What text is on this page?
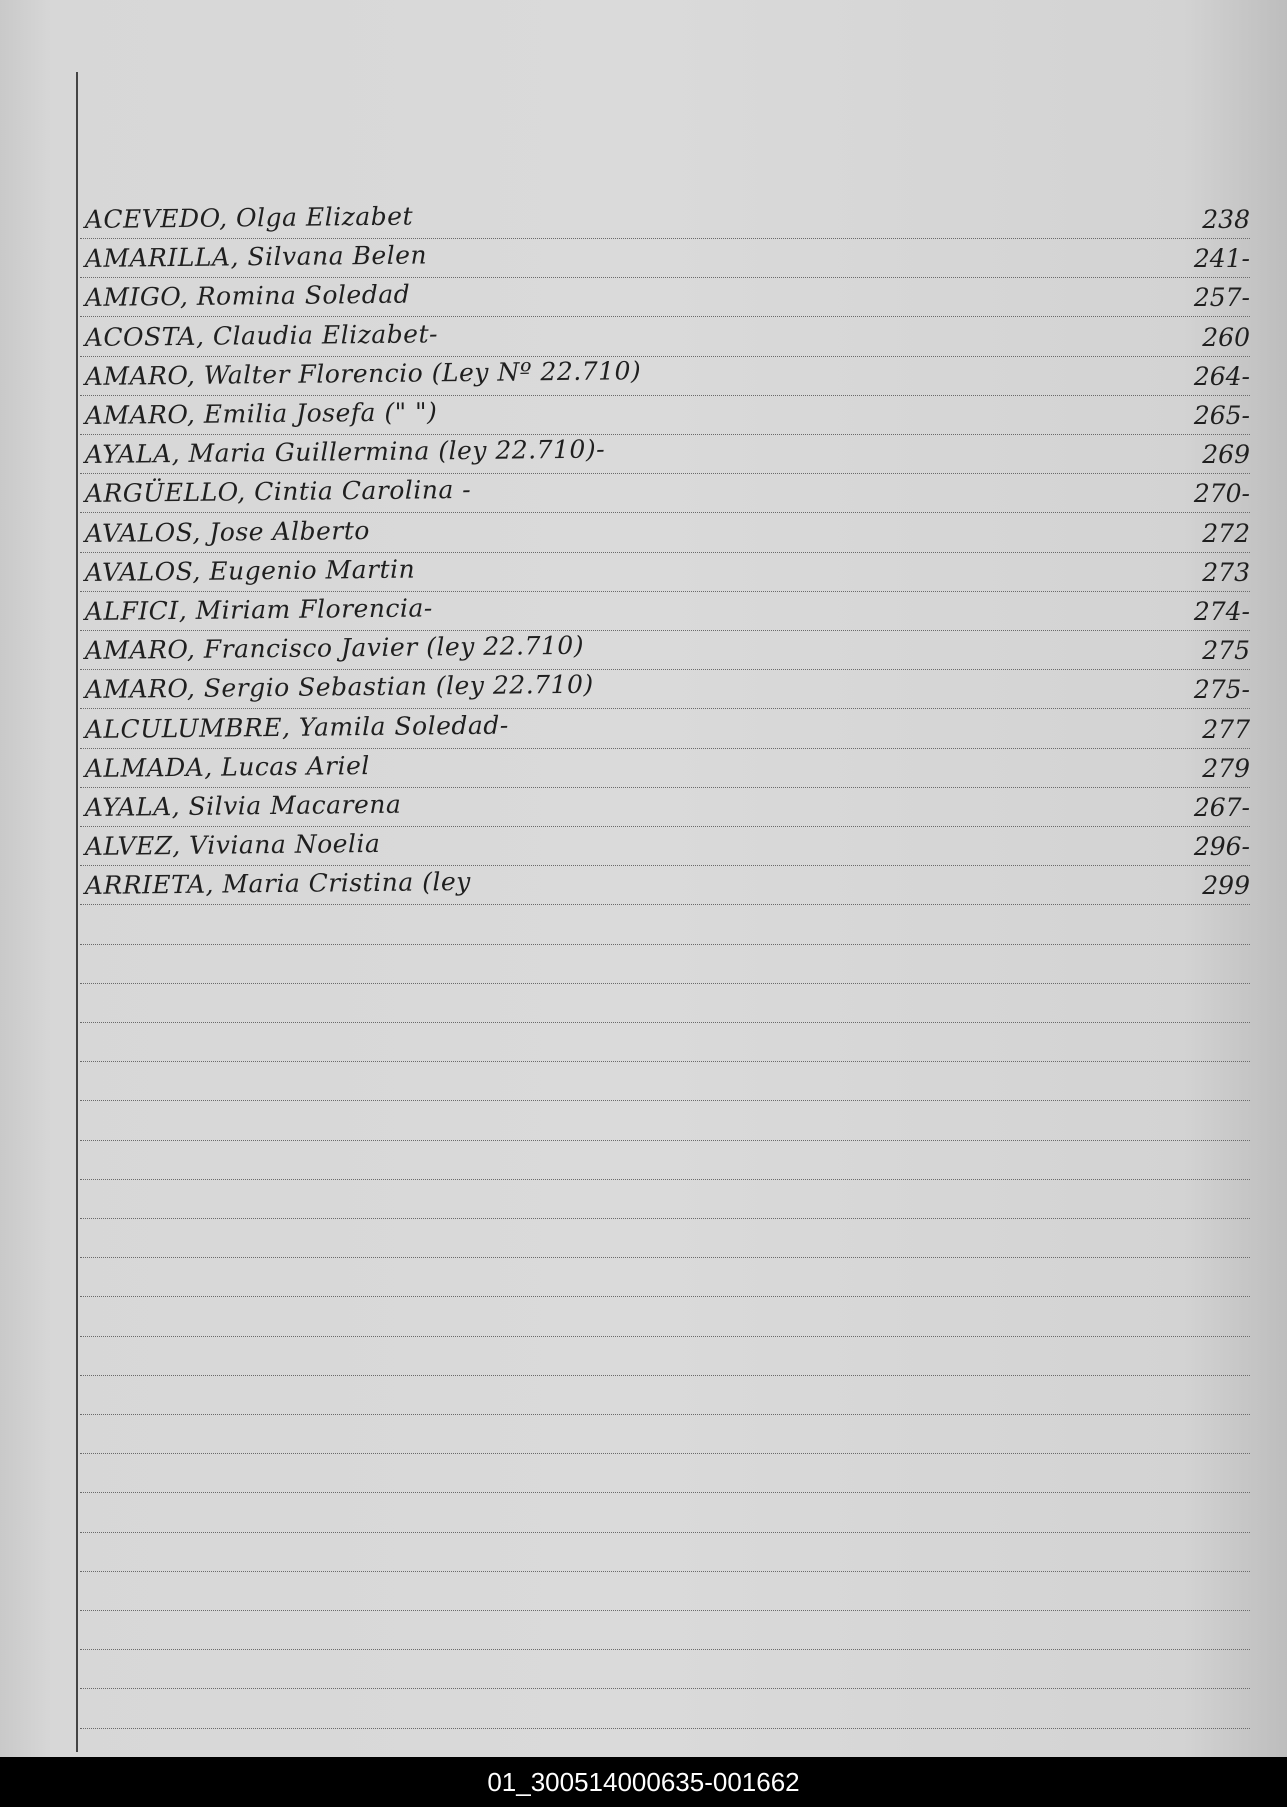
ACEVEDO, Olga Elizabet	238
AMARILLA, Silvana Belen	241-
AMIGO, Romina Soledad	257-
ACOSTA, Claudia Elizabet-	260
AMARO, Walter Florencio (Ley Nº 22.710)	264-
AMARO, Emilia Josefa (" ")	265-
AYALA, Maria Guillermina (ley 22.710)-	269
ARGÜELLO, Cintia Carolina -	270-
AVALOS, Jose Alberto	272
AVALOS, Eugenio Martin	273
ALFICI, Miriam Florencia-	274-
AMARO, Francisco Javier (ley 22.710)	275
AMARO, Sergio Sebastian (ley 22.710)	275-
ALCULUMBRE, Yamila Soledad-	277
ALMADA, Lucas Ariel	279
AYALA, Silvia Macarena	267-
ALVEZ, Viviana Noelia	296-
ARRIETA, Maria Cristina (ley	299
01_300514000635-001662
